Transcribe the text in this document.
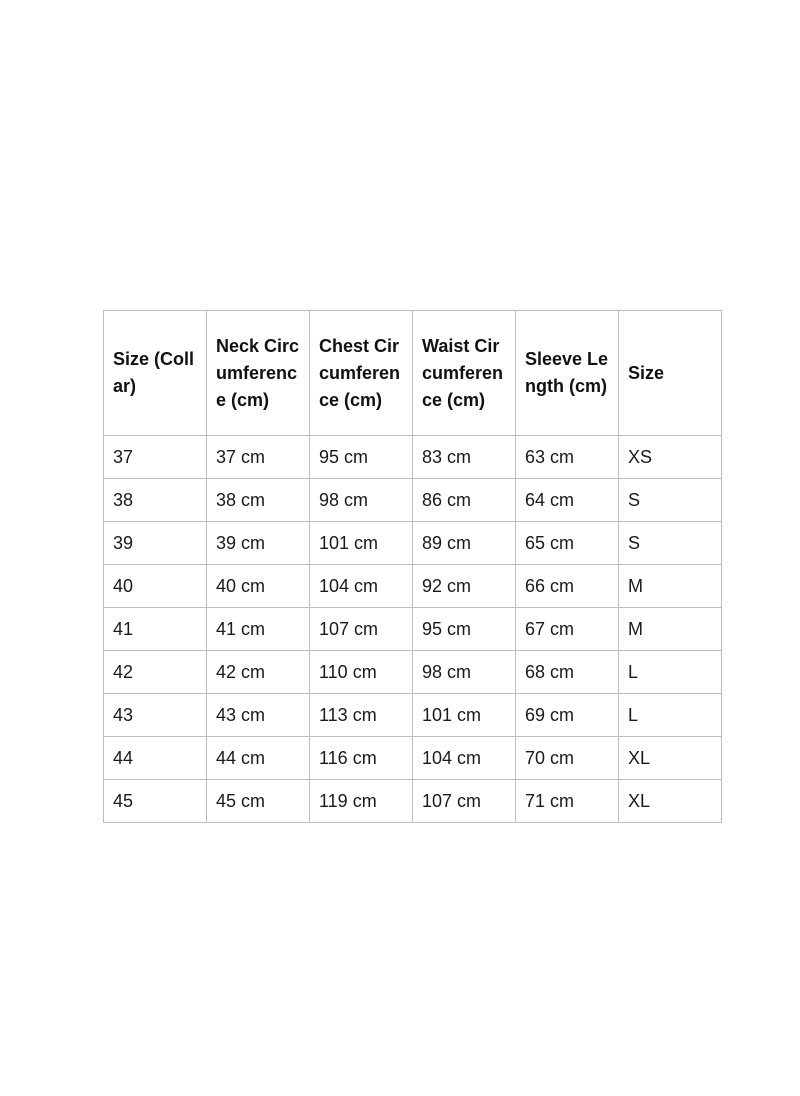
Size (Collar)	Neck Circumference (cm)	Chest Circumference (cm)	Waist Circumference (cm)	Sleeve Length (cm)	Size
37	37 cm	95 cm	83 cm	63 cm	XS
38	38 cm	98 cm	86 cm	64 cm	S
39	39 cm	101 cm	89 cm	65 cm	S
40	40 cm	104 cm	92 cm	66 cm	M
41	41 cm	107 cm	95 cm	67 cm	M
42	42 cm	110 cm	98 cm	68 cm	L
43	43 cm	113 cm	101 cm	69 cm	L
44	44 cm	116 cm	104 cm	70 cm	XL
45	45 cm	119 cm	107 cm	71 cm	XL
